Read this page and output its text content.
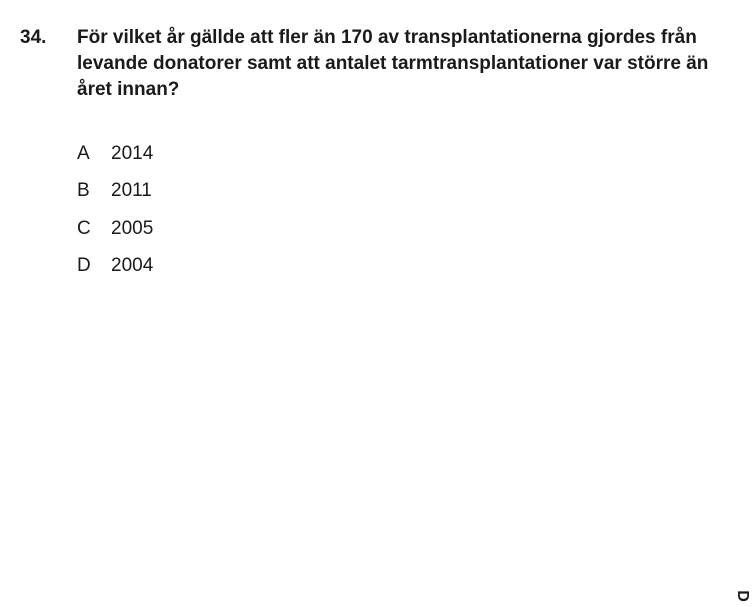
34. För vilket år gällde att fler än 170 av transplantationerna gjordes från levande donatorer samt att antalet tarmtransplantationer var större än året innan?
A	2014
B	2011
C	2005
D	2004
D
